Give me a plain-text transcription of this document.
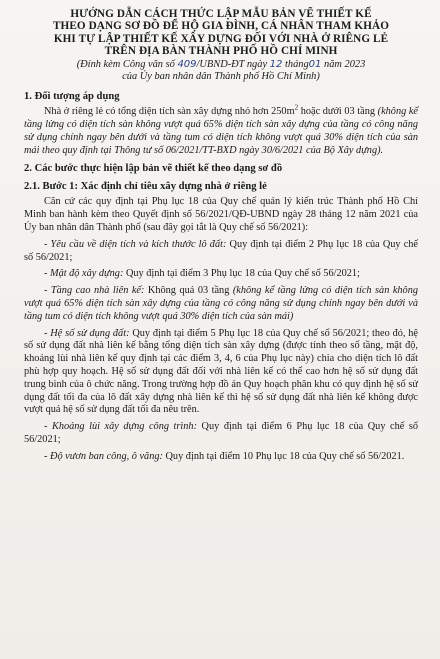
HƯỚNG DẪN CÁCH THỨC LẬP MẪU BẢN VẼ THIẾT KẾ
THEO DẠNG SƠ ĐỒ ĐỂ HỘ GIA ĐÌNH, CÁ NHÂN THAM KHẢO
KHI TỰ LẬP THIẾT KẾ XÂY DỰNG ĐỐI VỚI NHÀ Ở RIÊNG LẺ
TRÊN ĐỊA BÀN THÀNH PHỐ HỒ CHÍ MINH
(Đính kèm Công văn số 409/UBND-ĐT ngày 12 tháng01 năm 2023
của Ủy ban nhân dân Thành phố Hồ Chí Minh)
1. Đối tượng áp dụng

Nhà ở riêng lẻ có tổng diện tích sàn xây dựng nhỏ hơn $250m^2$ hoặc dưới 03 tầng (không kể tầng lửng có diện tích sàn không vượt quá 65% diện tích sàn xây dựng của tầng có công năng sử dụng chính ngay bên dưới và tầng tum có diện tích không vượt quá 30% diện tích của sàn mái theo quy định tại Thông tư số 06/2021/TT-BXD ngày 30/6/2021 của Bộ Xây dựng).

2. Các bước thực hiện lập bản vẽ thiết kế theo dạng sơ đồ
2.1. Bước 1: Xác định chỉ tiêu xây dựng nhà ở riêng lẻ

Căn cứ các quy định tại Phụ lục 18 của Quy chế quản lý kiến trúc Thành phố Hồ Chí Minh ban hành kèm theo Quyết định số 56/2021/QĐ-UBND ngày 28 tháng 12 năm 2021 của Ủy ban nhân dân Thành phố (sau đây gọi tắt là Quy chế số 56/2021):

- Yêu cầu về diện tích và kích thước lô đất: Quy định tại điểm 2 Phụ lục 18 của Quy chế số 56/2021;

- Mật độ xây dựng: Quy định tại điểm 3 Phụ lục 18 của Quy chế số 56/2021;

- Tầng cao nhà liên kế: Không quá 03 tầng (không kể tầng lửng có diện tích sàn không vượt quá 65% diện tích sàn xây dựng của tầng có công năng sử dụng chính ngay bên dưới và tầng tum có diện tích không vượt quá 30% diện tích của sàn mái)

- Hệ số sử dụng đất: Quy định tại điểm 5 Phụ lục 18 của Quy chế số 56/2021; theo đó, hệ số sử dụng đất nhà liên kế bằng tổng diện tích sàn xây dựng (được tính theo số tầng, mật độ, khoảng lùi nhà liên kế quy định tại các điểm 3, 4, 6 của Phụ lục này) chia cho diện tích lô đất phù hợp quy hoạch. Hệ số sử dụng đất đối với nhà liên kế có thể cao hơn hệ số sử dụng đất trung bình của ô chức năng. Trong trường hợp đồ án Quy hoạch phân khu có quy định hệ số sử dụng đất tối đa của lô đất xây dựng nhà liên kế thì hệ số sử dụng đất nhà liên kế không được vượt quá hệ số sử dụng đất tối đa nêu trên.

- Khoảng lùi xây dựng công trình: Quy định tại điểm 6 Phụ lục 18 của Quy chế số 56/2021;

- Độ vươn ban công, ô văng: Quy định tại điểm 10 Phụ lục 18 của Quy chế số 56/2021.
